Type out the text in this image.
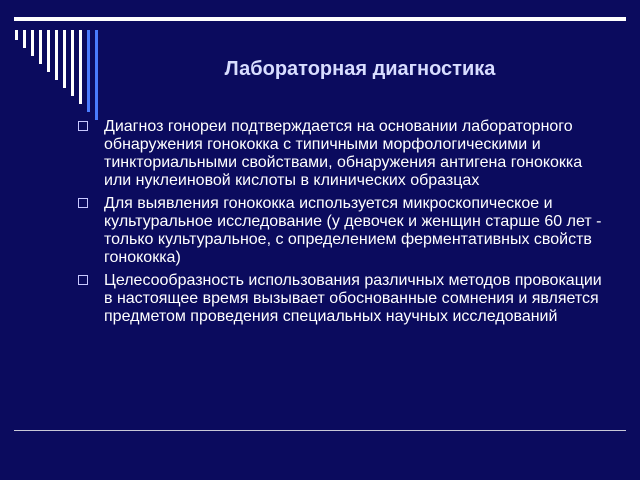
Лабораторная диагностика
Диагноз гонореи подтверждается на основании лабораторного обнаружения гонококка с типичными морфологическими и тинкториальными свойствами, обнаружения антигена гонококка или нуклеиновой кислоты в клинических образцах
Для выявления гонококка используется микроскопическое и культуральное исследование (у девочек и женщин старше 60 лет - только культуральное, с определением ферментативных свойств гонококка)
Целесообразность использования различных методов провокации в настоящее время вызывает обоснованные сомнения и является предметом проведения специальных научных исследований
